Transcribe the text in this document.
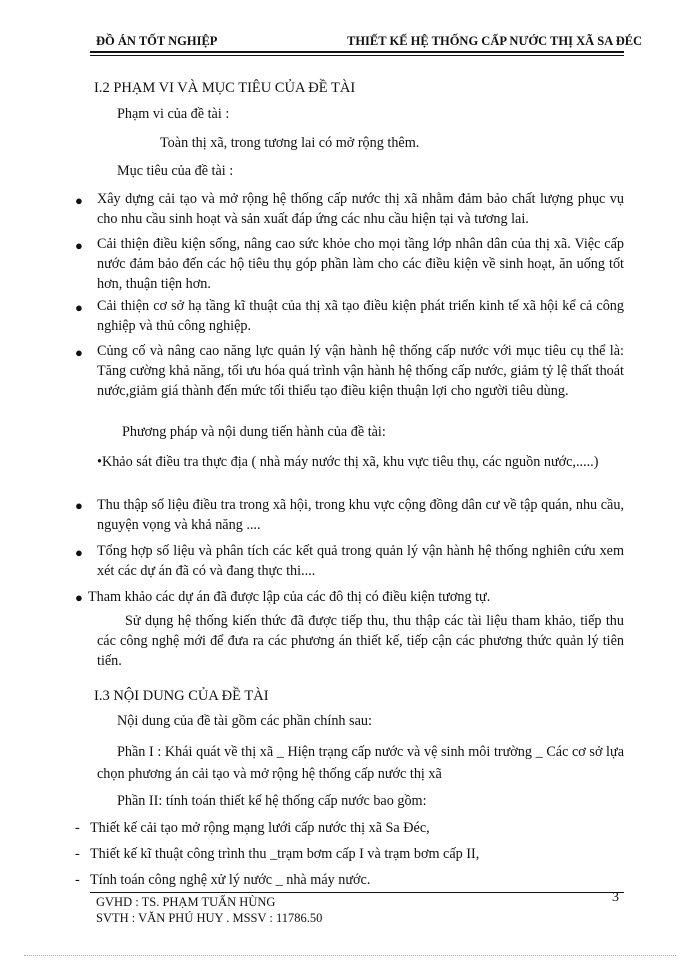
ĐỒ ÁN TỐT NGHIỆP	THIẾT KẾ HỆ THỐNG CẤP NƯỚC THỊ XÃ SA ĐÉC
I.2 PHẠM VI VÀ MỤC TIÊU CỦA ĐỀ TÀI
Phạm vi của đề tài :
Toàn thị xã, trong tương lai có mở rộng thêm.
Mục tiêu của đề tài :
● Xây dựng cải tạo và mở rộng hệ thống cấp nước thị xã nhằm đảm bảo chất lượng phục vụ cho nhu cầu sinh hoạt và sản xuất đáp ứng các nhu cầu hiện tại và tương lai.
● Cải thiện điều kiện sống, nâng cao sức khỏe cho mọi tầng lớp nhân dân của thị xã. Việc cấp nước đảm bảo đến các hộ tiêu thụ góp phần làm cho các điều kiện về sinh hoạt, ăn uống tốt hơn, thuận tiện hơn.
● Cải thiện cơ sở hạ tầng kĩ thuật của thị xã tạo điều kiện phát triển kinh tế xã hội kể cả công nghiệp và thủ công nghiệp.
● Củng cố và nâng cao năng lực quản lý vận hành hệ thống cấp nước với mục tiêu cụ thể là: Tăng cường khả năng, tối ưu hóa quá trình vận hành hệ thống cấp nước, giảm tỷ lệ thất thoát nước,giảm giá thành đến mức tối thiểu tạo điều kiện thuận lợi cho người tiêu dùng.
Phương pháp và nội dung tiến hành của đề tài:
•Khảo sát điều tra thực địa ( nhà máy nước thị xã, khu vực tiêu thụ, các nguồn nước,.....)
● Thu thập số liệu điều tra trong xã hội, trong khu vực cộng đồng dân cư về tập quán, nhu cầu, nguyện vọng và khả năng ....
● Tổng hợp số liệu và phân tích các kết quả trong quản lý vận hành hệ thống nghiên cứu xem xét các dự án đã có và đang thực thi....
● Tham khảo các dự án đã được lập của các đô thị có điều kiện tương tự.
Sử dụng hệ thống kiến thức đã được tiếp thu, thu thập các tài liệu tham khảo, tiếp thu các công nghệ mới để đưa ra các phương án thiết kế, tiếp cận các phương thức quản lý tiên tiến.
I.3 NỘI DUNG CỦA ĐỀ TÀI
Nội dung của đề tài gồm các phần chính sau:
Phần I : Khái quát về thị xã _ Hiện trạng cấp nước và vệ sinh môi trường _ Các cơ sở lựa chọn phương án cải tạo và mở rộng hệ thống cấp nước thị xã
Phần II: tính toán thiết kế hệ thống cấp nước bao gồm:
- Thiết kế cải tạo mở rộng mạng lưới cấp nước thị xã Sa Đéc,
- Thiết kế kĩ thuật công trình thu _trạm bơm cấp I và trạm bơm cấp II,
- Tính toán công nghệ xử lý nước _ nhà máy nước.
GVHD : TS. PHẠM TUẤN HÙNG
SVTH : VĂN PHÚ HUY . MSSV : 11786.50
3
